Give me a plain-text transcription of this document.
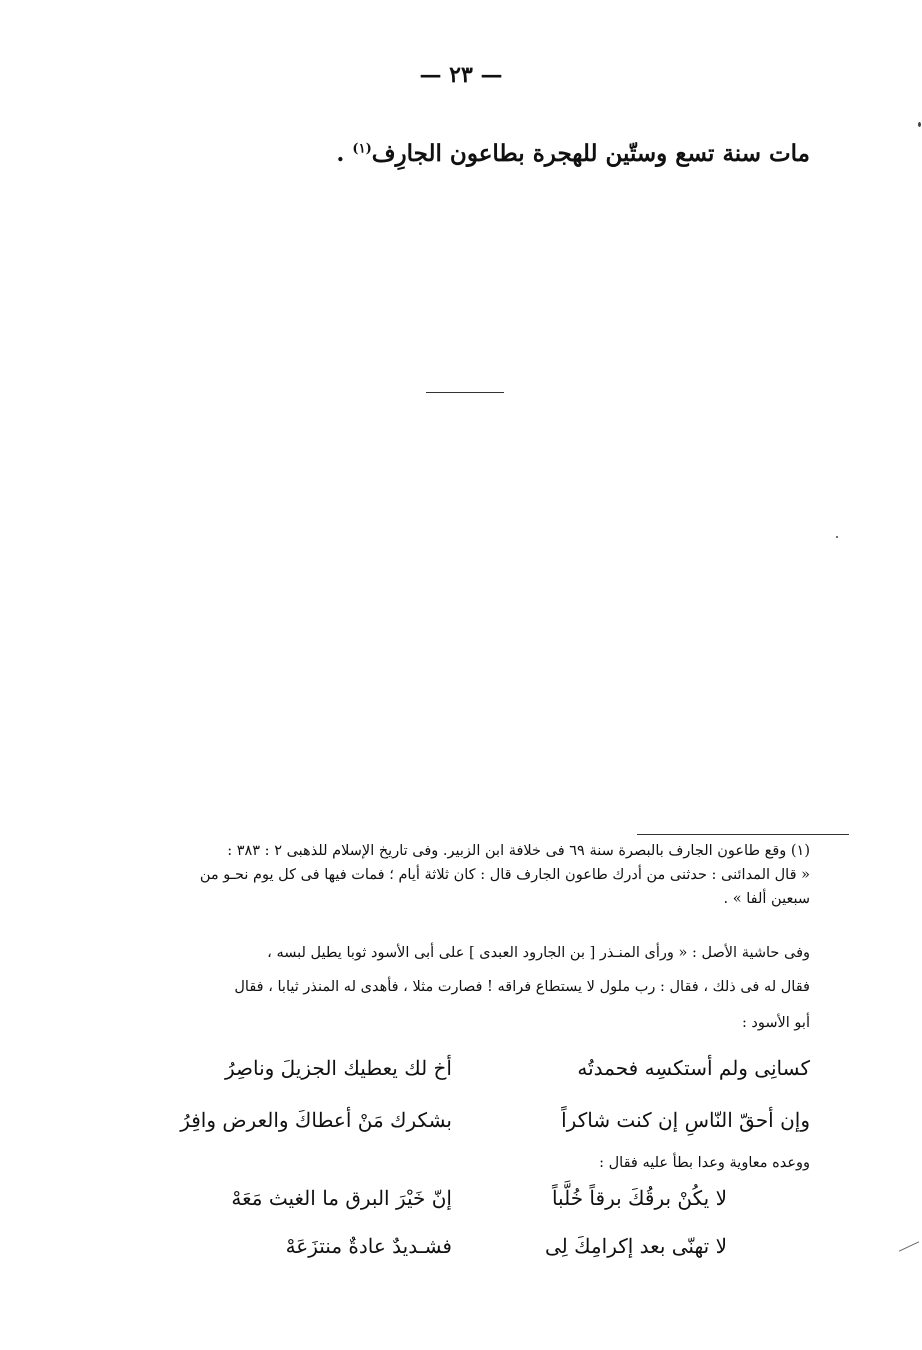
— ٢٣ —
مات سنة تسع وستّين للهجرة بطاعون الجارِف$^{(١)}$ .
(١) وقع طاعون الجارف بالبصرة سنة ٦٩ فى خلافة ابن الزبير. وفى تاريخ الإسلام للذهبى ٢ : ٣٨٣ :
« قال المدائنى : حدثنى من أدرك طاعون الجارف قال : كان ثلاثة أيام ؛ فمات فيها فى كل يوم نحـو من
سبعين ألفا » .
وفى حاشية الأصل : « ورأى المنـذر [ بن الجارود العبدى ] على أبى الأسود ثوبا يطيل لبسه ،
فقال له فى ذلك ، فقال : رب ملول لا يستطاع فراقه ! فصارت مثلا ، فأهدى له المنذر ثيابا ، فقال
أبو الأسود :
كسانِى ولم أستكسِه فحمدتُه
أخ لك يعطيك الجزيلَ وناصِرُ
وإن أحقّ النّاسِ إن كنت شاكراً
بشكرك مَنْ أعطاكَ والعرض وافِرُ
ووعده معاوية وعدا بطأ عليه فقال :
لا يكُنْ برقُكَ برقاً خُلَّباً
إنّ خَيْرَ البرق ما الغيث مَعَهْ
لا تهنّى بعد إكرامِكَ لِى
فشـديدٌ عادةٌ منتزَعَهْ
